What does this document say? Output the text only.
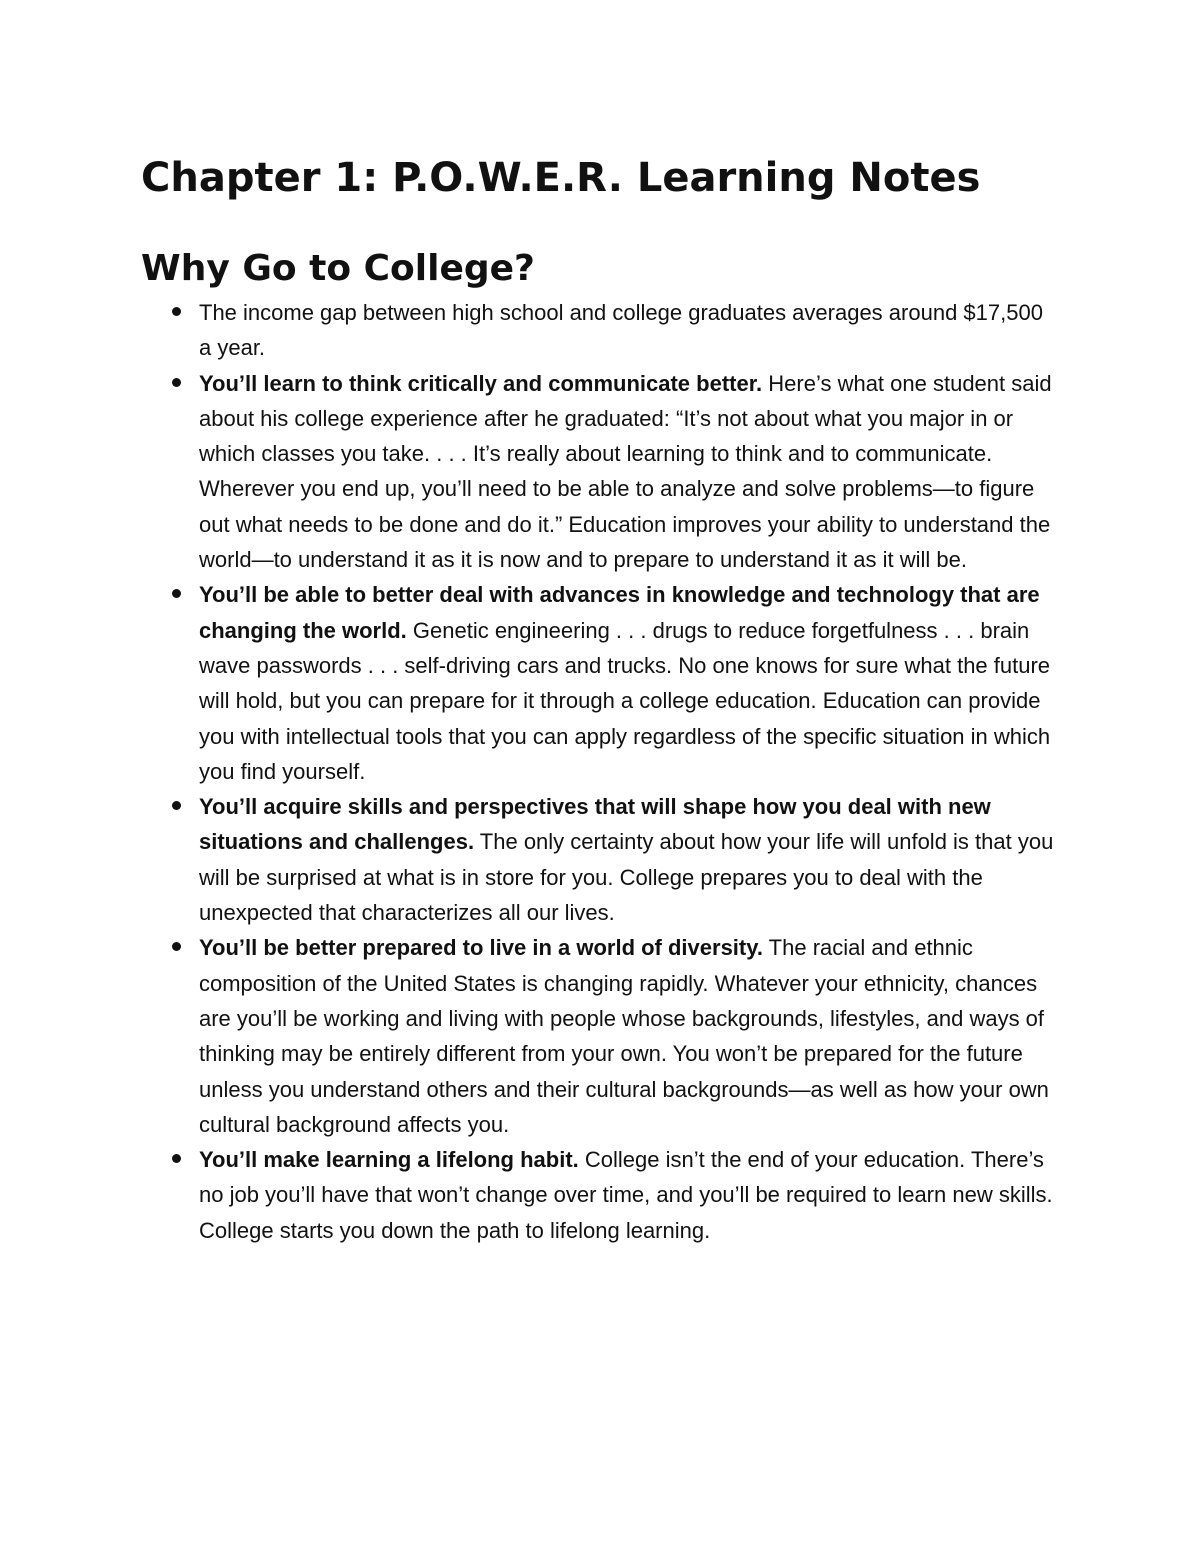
Chapter 1: P.O.W.E.R. Learning Notes
Why Go to College?
The income gap between high school and college graduates averages around $17,500 a year.
You’ll learn to think critically and communicate better. Here’s what one student said about his college experience after he graduated: “It’s not about what you major in or which classes you take. . . . It’s really about learning to think and to communicate. Wherever you end up, you’ll need to be able to analyze and solve problems—to figure out what needs to be done and do it.” Education improves your ability to understand the world—to understand it as it is now and to prepare to understand it as it will be.
You’ll be able to better deal with advances in knowledge and technology that are changing the world. Genetic engineering . . . drugs to reduce forgetfulness . . . brain wave passwords . . . self-driving cars and trucks. No one knows for sure what the future will hold, but you can prepare for it through a college education. Education can provide you with intellectual tools that you can apply regardless of the specific situation in which you find yourself.
You’ll acquire skills and perspectives that will shape how you deal with new situations and challenges. The only certainty about how your life will unfold is that you will be surprised at what is in store for you. College prepares you to deal with the unexpected that characterizes all our lives.
You’ll be better prepared to live in a world of diversity. The racial and ethnic composition of the United States is changing rapidly. Whatever your ethnicity, chances are you’ll be working and living with people whose backgrounds, lifestyles, and ways of thinking may be entirely different from your own. You won’t be prepared for the future unless you understand others and their cultural backgrounds—as well as how your own cultural background affects you.
You’ll make learning a lifelong habit. College isn’t the end of your education. There’s no job you’ll have that won’t change over time, and you’ll be required to learn new skills. College starts you down the path to lifelong learning.
